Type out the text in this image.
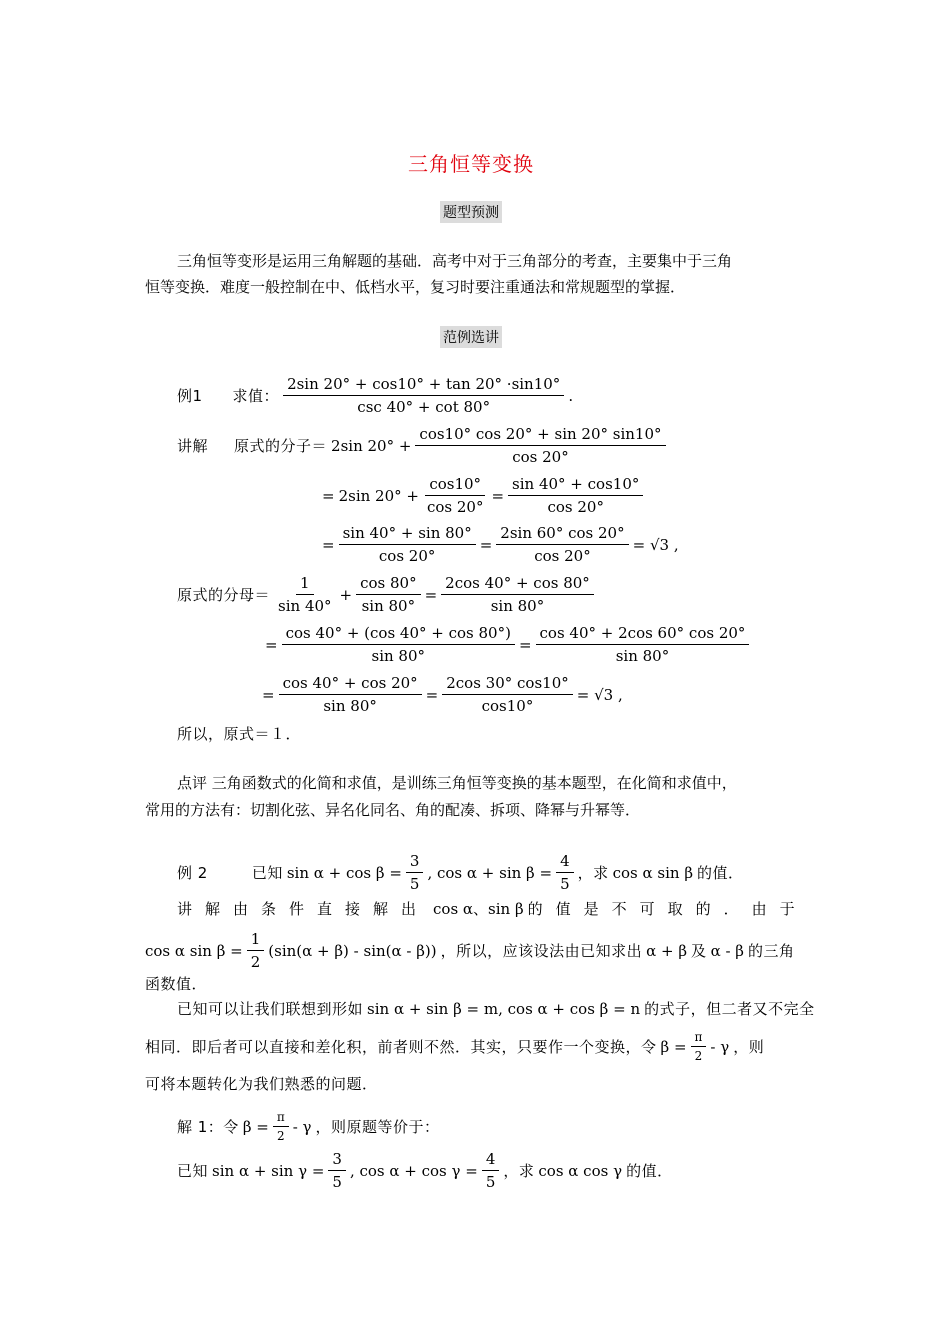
三角恒等变换
题型预测
三角恒等变形是运用三角解题的基础．高考中对于三角部分的考查，主要集中于三角
恒等变换．难度一般控制在中、低档水平，复习时要注重通法和常规题型的掌握．
范例选讲
例1 求值： $\frac{2\sin 20^\circ + \cos 10^\circ + \tan 20^\circ \cdot\sin 10^\circ}{\csc 40^\circ + \cot 80^\circ}$ .
讲解 原式的分子＝ 2sin $20^\circ + \frac{\cos 10^\circ \cos 20^\circ + \sin 20^\circ \sin 10^\circ}{\cos 20^\circ}$
= 2sin $20^\circ + \frac{\cos 10^\circ}{\cos 20^\circ} = \frac{\sin 40^\circ + \cos 10^\circ}{\cos 20^\circ}$
= $\frac{\sin 40^\circ + \sin 80^\circ}{\cos 20^\circ} = \frac{2\sin 60^\circ \cos 20^\circ}{\cos 20^\circ} = √3$ ,
原式的分母＝ $\frac{1}{\sin 40^\circ} + \frac{\cos 80^\circ}{\sin 80^\circ} = \frac{2\cos 40^\circ + \cos 80^\circ}{\sin 80^\circ}$
= $\frac{\cos 40^\circ + (\cos 40^\circ + \cos 80^\circ)}{\sin 80^\circ} = \frac{\cos 40^\circ + 2\cos 60^\circ \cos 20^\circ}{\sin 80^\circ}$
= $\frac{\cos 40^\circ + \cos 20^\circ}{\sin 80^\circ} = \frac{2\cos 30^\circ \cos 10^\circ}{\cos 10^\circ} = √3$ ,
所以，原式＝１．
点评 三角函数式的化简和求值，是训练三角恒等变换的基本题型，在化简和求值中，
常用的方法有：切割化弦、异名化同名、角的配凑、拆项、降幂与升幂等．
例 2	已知 $\sin \alpha + \cos \beta = \frac{3}{5}$ , $\cos \alpha + \sin \beta = \frac{4}{5}$ ，求 cos α sin β 的值．
讲解由条件直接解出 cos α、sin β 的值是不可取的．由于
cos α $\sin \beta = \frac{1}{2} (\sin(\alpha + \beta) - \sin(\alpha - \beta))$ ，所以，应该设法由已知求出 α + β 及 α - β 的三角
函数值．
已知可以让我们联想到形如 sin α + sin β = m, cos α + cos β = n 的式子，但二者又不完全
相同．即后者可以直接和差化积，前者则不然．其实，只要作一个变换，令 $\beta = \frac{\pi}{2} - \gamma$ ，则
可将本题转化为我们熟悉的问题．
解 1：令 $\beta = \frac{\pi}{2} - \gamma$ ，则原题等价于：
已知 $\sin \alpha + \sin \gamma = \frac{3}{5}$ , $\cos \alpha + \cos \gamma = \frac{4}{5}$ ，求 cos α cos γ 的值．
